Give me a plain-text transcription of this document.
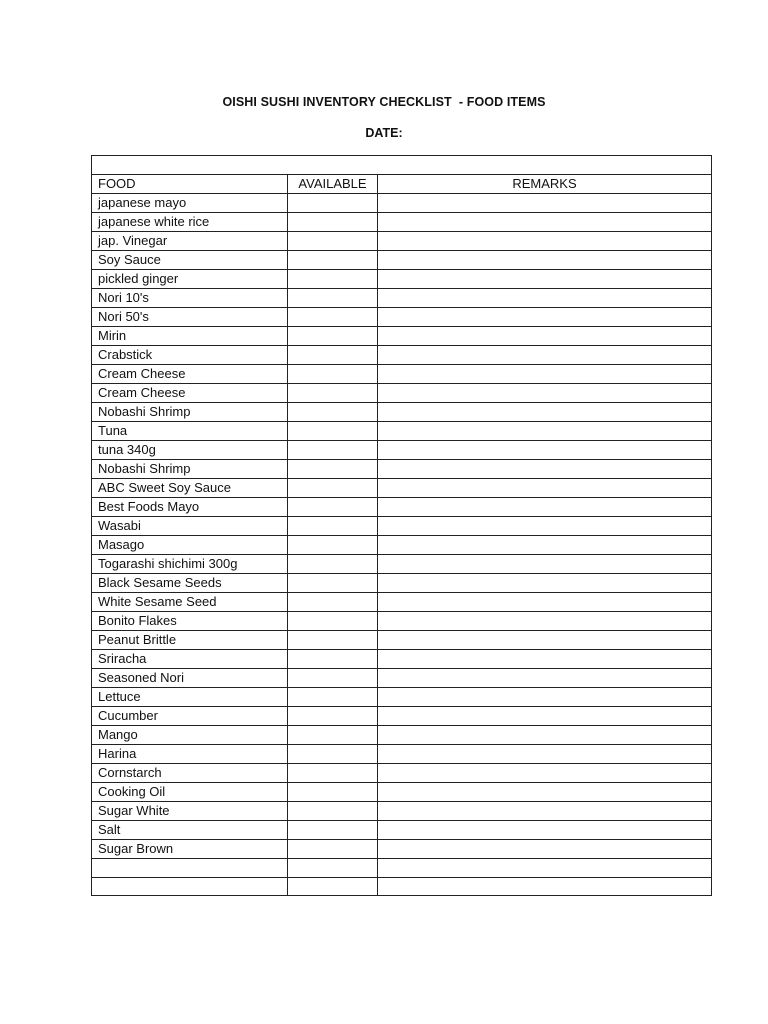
OISHI SUSHI INVENTORY CHECKLIST  - FOOD ITEMS
DATE:

FOOD	AVAILABLE	REMARKS
japanese mayo		
japanese white rice		
jap. Vinegar		
Soy Sauce		
pickled ginger		
Nori 10's		
Nori 50's		
Mirin		
Crabstick		
Cream Cheese		
Cream Cheese		
Nobashi Shrimp		
Tuna		
tuna 340g		
Nobashi Shrimp		
ABC Sweet Soy Sauce		
Best Foods Mayo		
Wasabi		
Masago		
Togarashi shichimi 300g		
Black Sesame Seeds		
White Sesame Seed		
Bonito Flakes		
Peanut Brittle		
Sriracha		
Seasoned Nori		
Lettuce		
Cucumber		
Mango		
Harina		
Cornstarch		
Cooking Oil		
Sugar White		
Salt		
Sugar Brown		
